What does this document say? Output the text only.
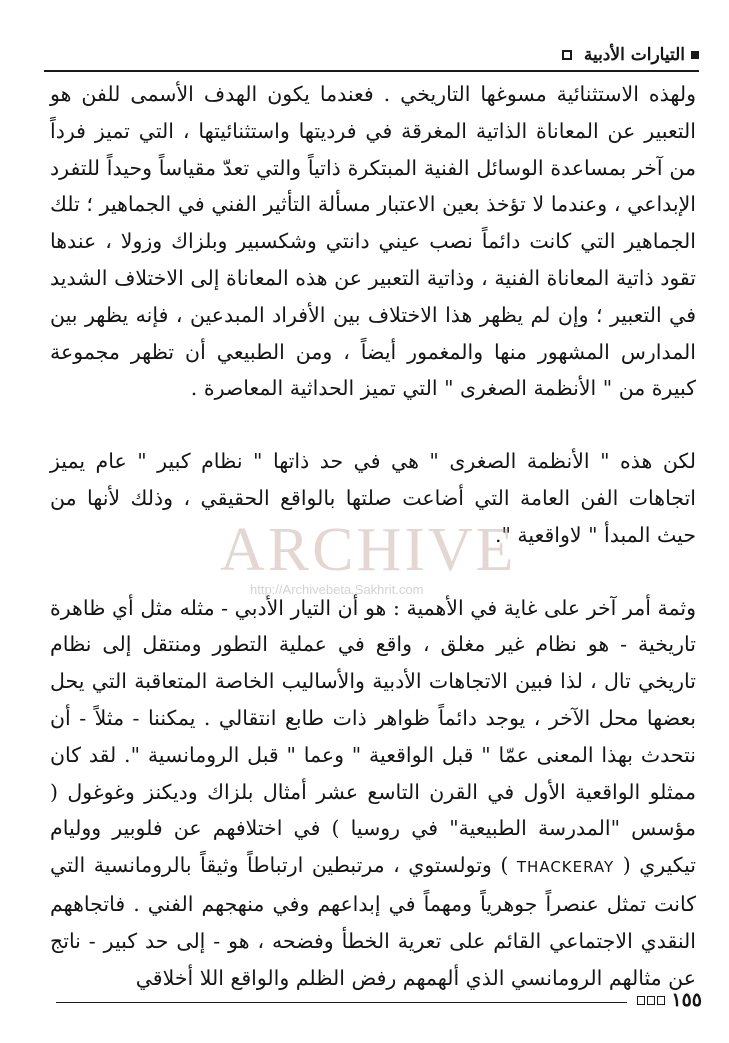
التيارات الأدبية

ولهذه الاستثنائية مسوغها التاريخي . فعندما يكون الهدف الأسمى للفن هو التعبير عن المعاناة الذاتية المغرقة في فرديتها واستثنائيتها ، التي تميز فرداً من آخر بمساعدة الوسائل الفنية المبتكرة ذاتياً والتي تعدّ مقياساً وحيداً للتفرد الإبداعي ، وعندما لا تؤخذ بعين الاعتبار مسألة التأثير الفني في الجماهير ؛ تلك الجماهير التي كانت دائماً نصب عيني دانتي وشكسبير وبلزاك وزولا ، عندها تقود ذاتية المعاناة الفنية ، وذاتية التعبير عن هذه المعاناة إلى الاختلاف الشديد في التعبير ؛ وإن لم يظهر هذا الاختلاف بين الأفراد المبدعين ، فإنه يظهر بين المدارس المشهور منها والمغمور أيضاً ، ومن الطبيعي أن تظهر مجموعة كبيرة من " الأنظمة الصغرى " التي تميز الحداثية المعاصرة .

لكن هذه " الأنظمة الصغرى " هي في حد ذاتها " نظام كبير " عام يميز اتجاهات الفن العامة التي أضاعت صلتها بالواقع الحقيقي ، وذلك لأنها من حيث المبدأ " لاواقعية ".

وثمة أمر آخر على غاية في الأهمية : هو أن التيار الأدبي - مثله مثل أي ظاهرة تاريخية - هو نظام غير مغلق ، واقع في عملية التطور ومنتقل إلى نظام تاريخي تال ، لذا فبين الاتجاهات الأدبية والأساليب الخاصة المتعاقبة التي يحل بعضها محل الآخر ، يوجد دائماً ظواهر ذات طابع انتقالي . يمكننا - مثلاً - أن نتحدث بهذا المعنى عمّا " قبل الواقعية " وعما " قبل الرومانسية ". لقد كان ممثلو الواقعية الأول في القرن التاسع عشر أمثال بلزاك وديكنز وغوغول ( مؤسس "المدرسة الطبيعية" في روسيا ) في اختلافهم عن فلوبير ووليام تيكيري ( THACKERAY ) وتولستوي ، مرتبطين ارتباطاً وثيقاً بالرومانسية التي كانت تمثل عنصراً جوهرياً ومهماً في إبداعهم وفي منهجهم الفني . فاتجاههم النقدي الاجتماعي القائم على تعرية الخطأ وفضحه ، هو - إلى حد كبير - ناتج عن مثالهم الرومانسي الذي ألهمهم رفض الظلم والواقع اللا أخلاقي

ARCHIVE
http://Archivebeta.Sakhrit.com
١٥٥
